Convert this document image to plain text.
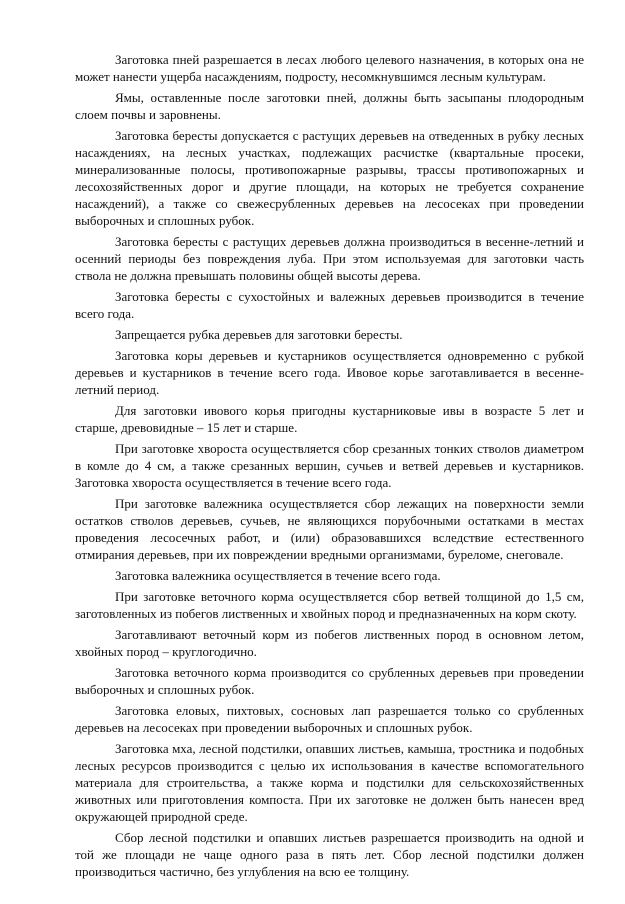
Заготовка пней разрешается в лесах любого целевого назначения, в которых она не может нанести ущерба насаждениям, подросту, несомкнувшимся лесным культурам.

Ямы, оставленные после заготовки пней, должны быть засыпаны плодородным слоем почвы и заровнены.

Заготовка бересты допускается с растущих деревьев на отведенных в рубку лесных насаждениях, на лесных участках, подлежащих расчистке (квартальные просеки, минерализованные полосы, противопожарные разрывы, трассы противопожарных и лесохозяйственных дорог и другие площади, на которых не требуется сохранение насаждений), а также со свежесрубленных деревьев на лесосеках при проведении выборочных и сплошных рубок.

Заготовка бересты с растущих деревьев должна производиться в весенне-летний и осенний периоды без повреждения луба. При этом используемая для заготовки часть ствола не должна превышать половины общей высоты дерева.

Заготовка бересты с сухостойных и валежных деревьев производится в течение всего года.

Запрещается рубка деревьев для заготовки бересты.

Заготовка коры деревьев и кустарников осуществляется одновременно с рубкой деревьев и кустарников в течение всего года. Ивовое корье заготавливается в весенне-летний период.

Для заготовки ивового корья пригодны кустарниковые ивы в возрасте 5 лет и старше, древовидные – 15 лет и старше.

При заготовке хвороста осуществляется сбор срезанных тонких стволов диаметром в комле до 4 см, а также срезанных вершин, сучьев и ветвей деревьев и кустарников. Заготовка хвороста осуществляется в течение всего года.

При заготовке валежника осуществляется сбор лежащих на поверхности земли остатков стволов деревьев, сучьев, не являющихся порубочными остатками в местах проведения лесосечных работ, и (или) образовавшихся вследствие естественного отмирания деревьев, при их повреждении вредными организмами, буреломе, снеговале.

Заготовка валежника осуществляется в течение всего года.

При заготовке веточного корма осуществляется сбор ветвей толщиной до 1,5 см, заготовленных из побегов лиственных и хвойных пород и предназначенных на корм скоту.

Заготавливают веточный корм из побегов лиственных пород в основном летом, хвойных пород – круглогодично.

Заготовка веточного корма производится со срубленных деревьев при проведении выборочных и сплошных рубок.

Заготовка еловых, пихтовых, сосновых лап разрешается только со срубленных деревьев на лесосеках при проведении выборочных и сплошных рубок.

Заготовка мха, лесной подстилки, опавших листьев, камыша, тростника и подобных лесных ресурсов производится с целью их использования в качестве вспомогательного материала для строительства, а также корма и подстилки для сельскохозяйственных животных или приготовления компоста. При их заготовке не должен быть нанесен вред окружающей природной среде.

Сбор лесной подстилки и опавших листьев разрешается производить на одной и той же площади не чаще одного раза в пять лет. Сбор лесной подстилки должен производиться частично, без углубления на всю ее толщину.
